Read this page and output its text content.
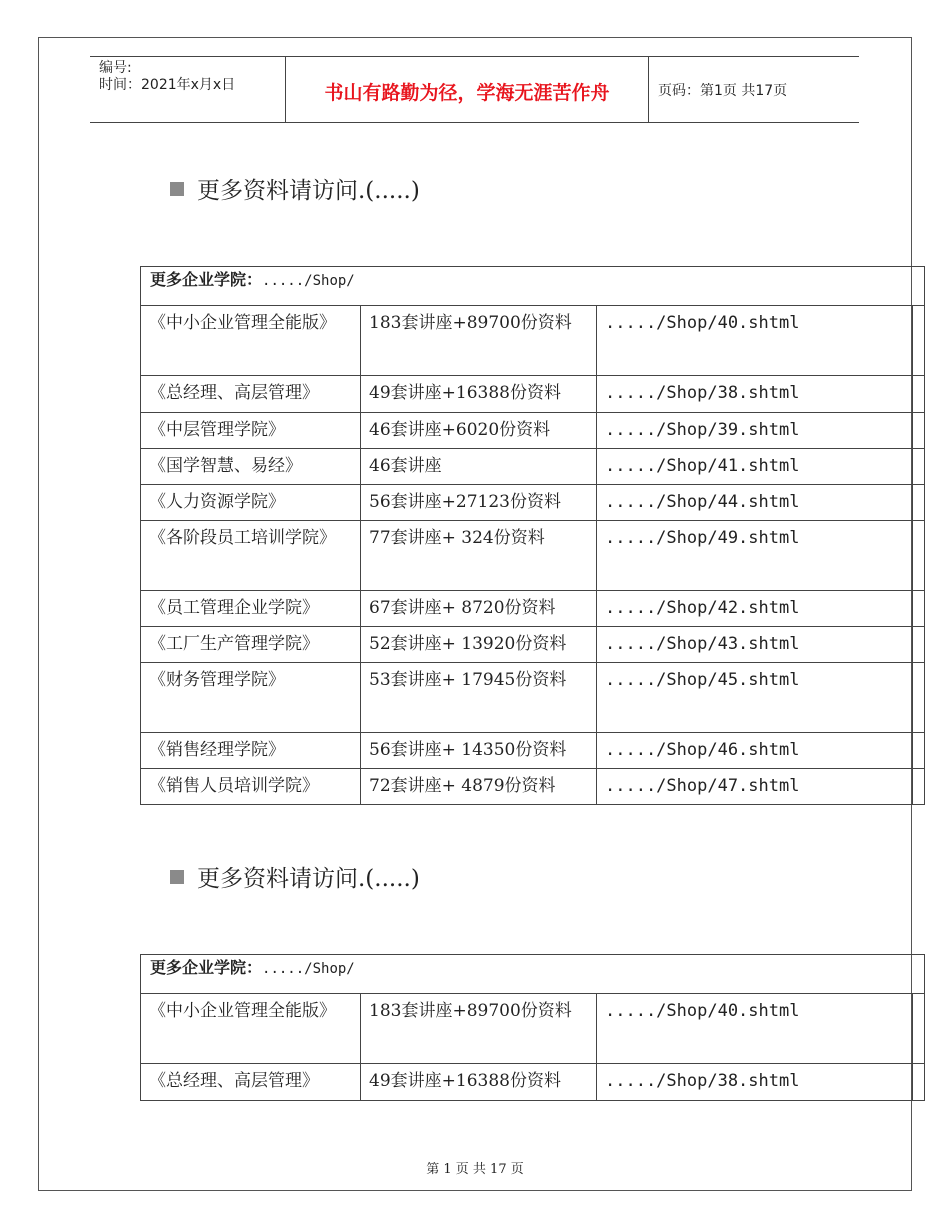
编号:
时间：2021年x月x日	书山有路勤为径，学海无涯苦作舟	页码：第1页 共17页
更多资料请访问.(.....)
更多企业学院：...../Shop/			
《中小企业管理全能版》	183套讲座+89700份资料	...../Shop/40.shtml	
《总经理、高层管理》	49套讲座+16388份资料	...../Shop/38.shtml	
《中层管理学院》	46套讲座+6020份资料	...../Shop/39.shtml	
《国学智慧、易经》	46套讲座	...../Shop/41.shtml	
《人力资源学院》	56套讲座+27123份资料	...../Shop/44.shtml	
《各阶段员工培训学院》	77套讲座+ 324份资料	...../Shop/49.shtml	
《员工管理企业学院》	67套讲座+ 8720份资料	...../Shop/42.shtml	
《工厂生产管理学院》	52套讲座+ 13920份资料	...../Shop/43.shtml	
《财务管理学院》	53套讲座+ 17945份资料	...../Shop/45.shtml	
《销售经理学院》	56套讲座+ 14350份资料	...../Shop/46.shtml	
《销售人员培训学院》	72套讲座+ 4879份资料	...../Shop/47.shtml	
更多资料请访问.(.....)
更多企业学院：...../Shop/			
《中小企业管理全能版》	183套讲座+89700份资料	...../Shop/40.shtml	
《总经理、高层管理》	49套讲座+16388份资料	...../Shop/38.shtml	
第 1 页 共 17 页
